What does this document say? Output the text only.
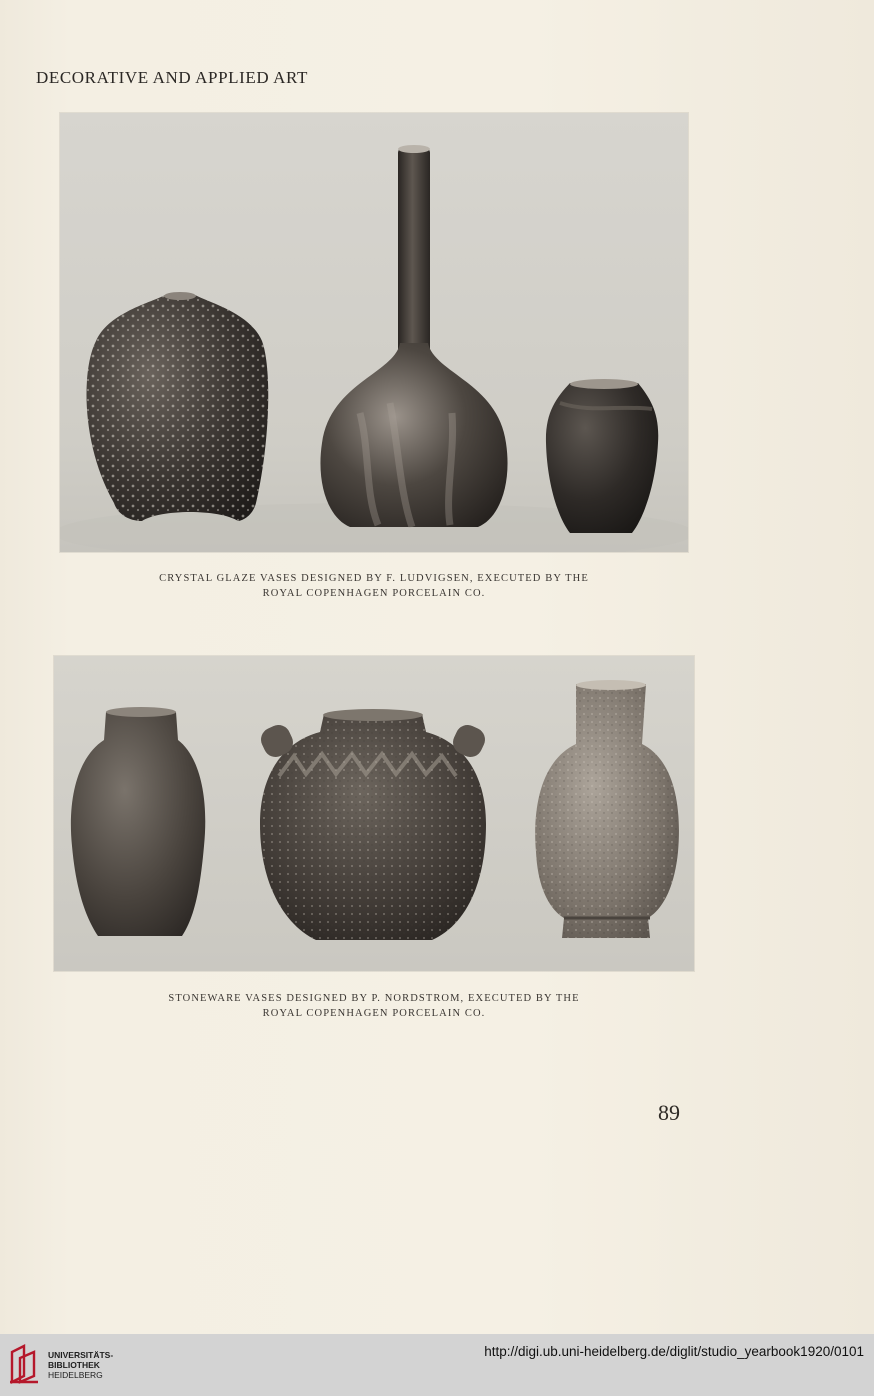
DECORATIVE AND APPLIED ART
CRYSTAL GLAZE VASES DESIGNED BY F. LUDVIGSEN, EXECUTED BY THE
ROYAL COPENHAGEN PORCELAIN CO.
STONEWARE VASES DESIGNED BY P. NORDSTROM, EXECUTED BY THE
ROYAL COPENHAGEN PORCELAIN CO.
89
UNIVERSITÄTS-
BIBLIOTHEK
HEIDELBERG
http://digi.ub.uni-heidelberg.de/diglit/studio_yearbook1920/0101
